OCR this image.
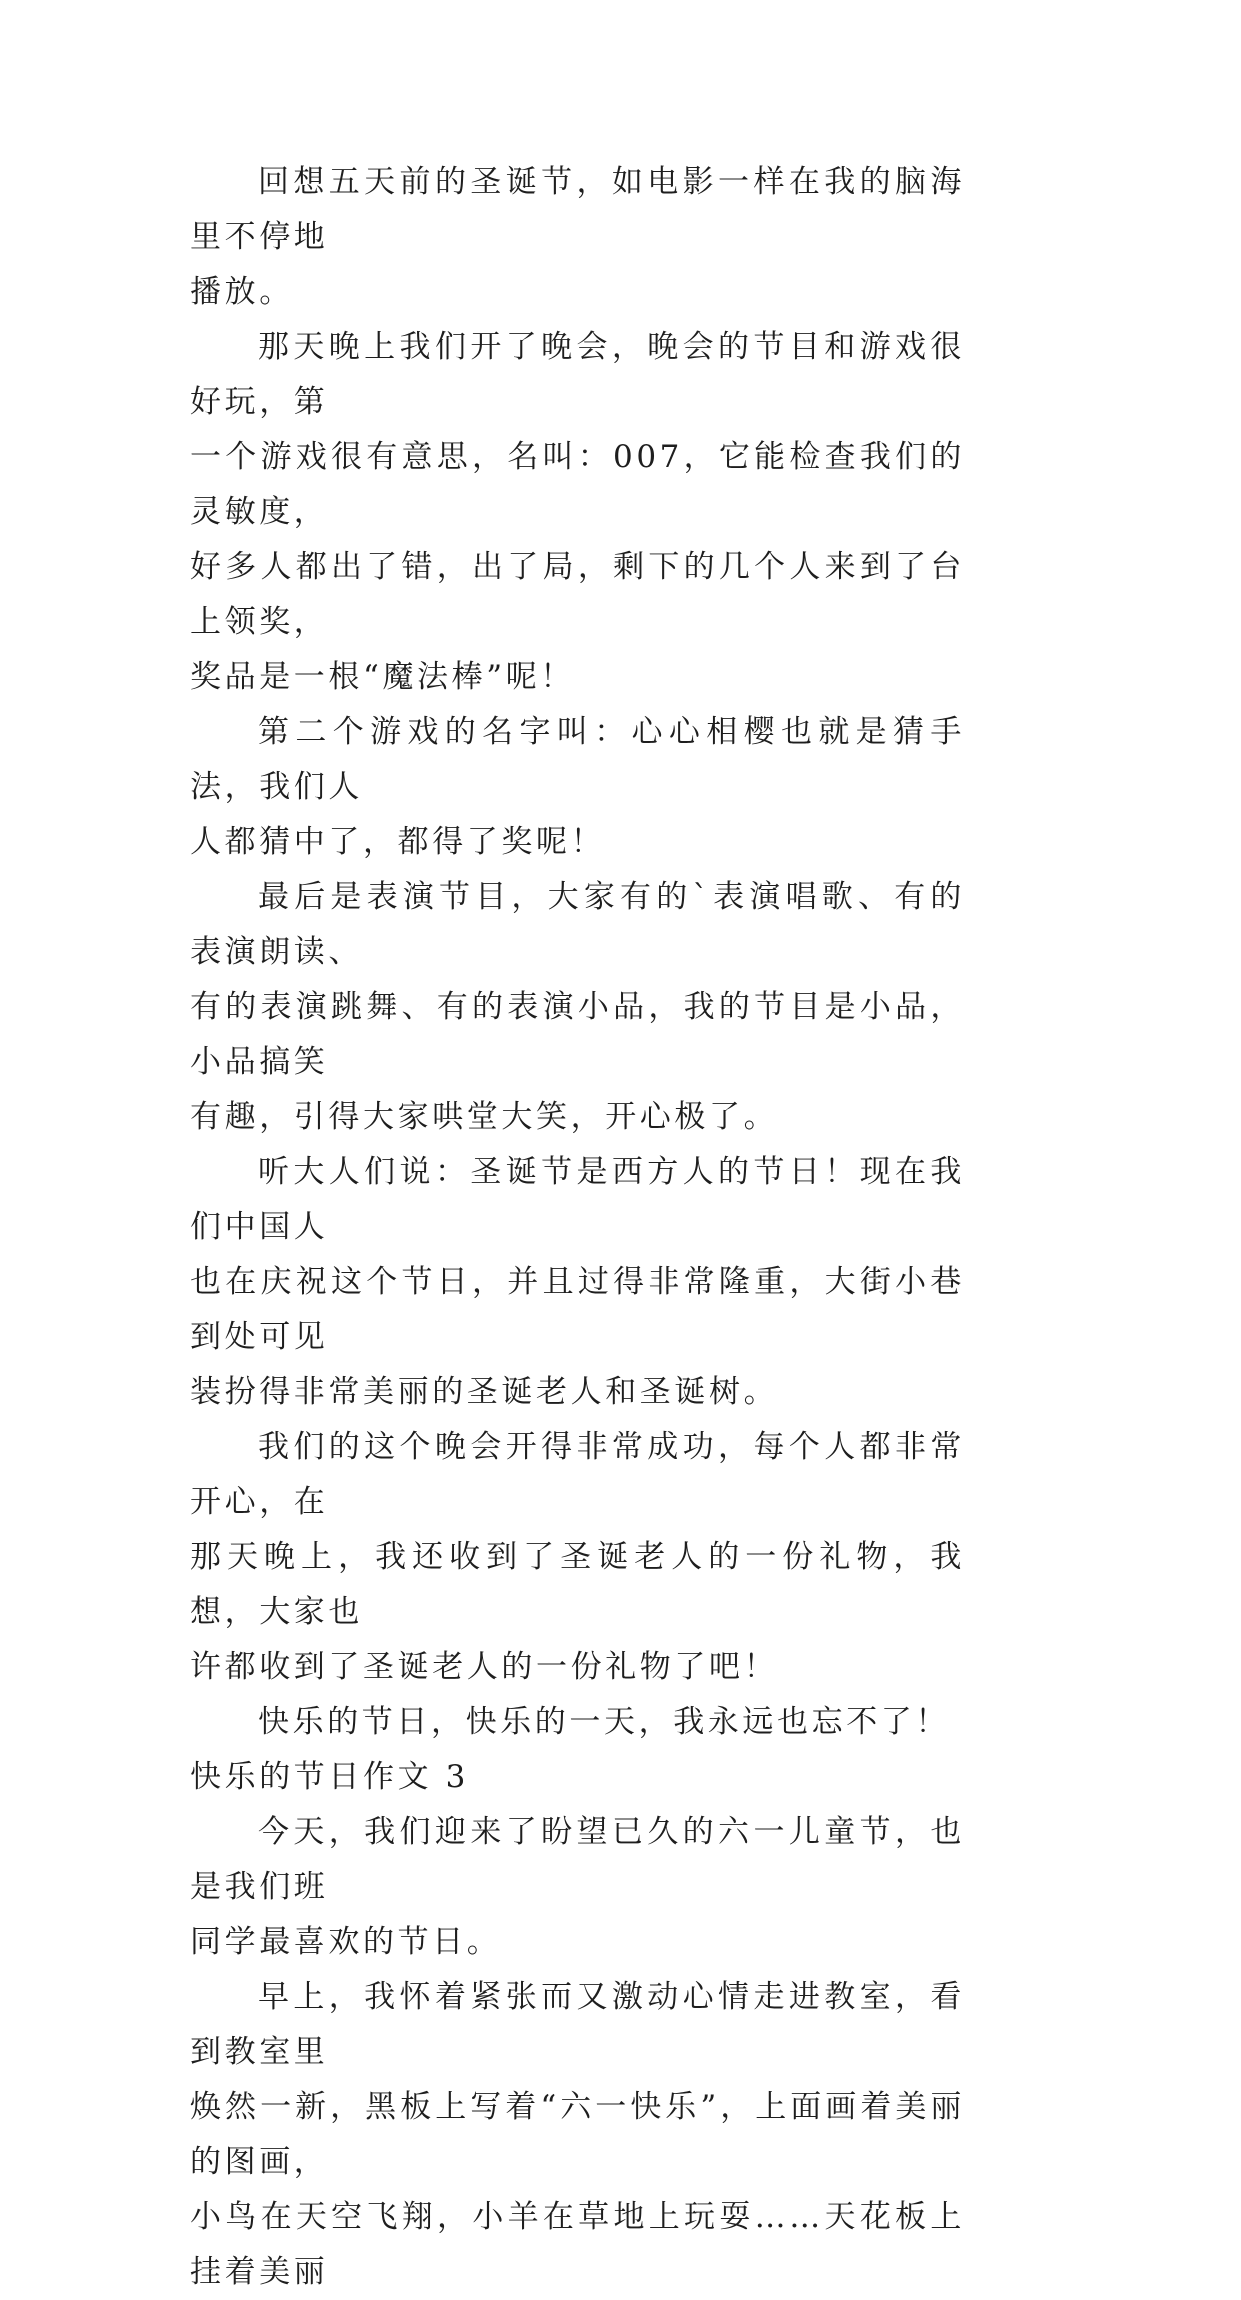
回想五天前的圣诞节，如电影一样在我的脑海里不停地
播放。

那天晚上我们开了晚会，晚会的节目和游戏很好玩，第
一个游戏很有意思，名叫：007，它能检查我们的灵敏度，
好多人都出了错，出了局，剩下的几个人来到了台上领奖，
奖品是一根“魔法棒”呢！

第二个游戏的名字叫：心心相樱也就是猜手法，我们人
人都猜中了，都得了奖呢！

最后是表演节目，大家有的`表演唱歌、有的表演朗读、
有的表演跳舞、有的表演小品，我的节目是小品，小品搞笑
有趣，引得大家哄堂大笑，开心极了。

听大人们说：圣诞节是西方人的节日！现在我们中国人
也在庆祝这个节日，并且过得非常隆重，大街小巷到处可见
装扮得非常美丽的圣诞老人和圣诞树。

我们的这个晚会开得非常成功，每个人都非常开心，在
那天晚上，我还收到了圣诞老人的一份礼物，我想，大家也
许都收到了圣诞老人的一份礼物了吧！

快乐的节日，快乐的一天，我永远也忘不了！

快乐的节日作文 3

今天，我们迎来了盼望已久的六一儿童节，也是我们班
同学最喜欢的节日。

早上，我怀着紧张而又激动心情走进教室，看到教室里
焕然一新，黑板上写着“六一快乐”，上面画着美丽的图画，
小鸟在天空飞翔，小羊在草地上玩耍……天花板上挂着美丽
